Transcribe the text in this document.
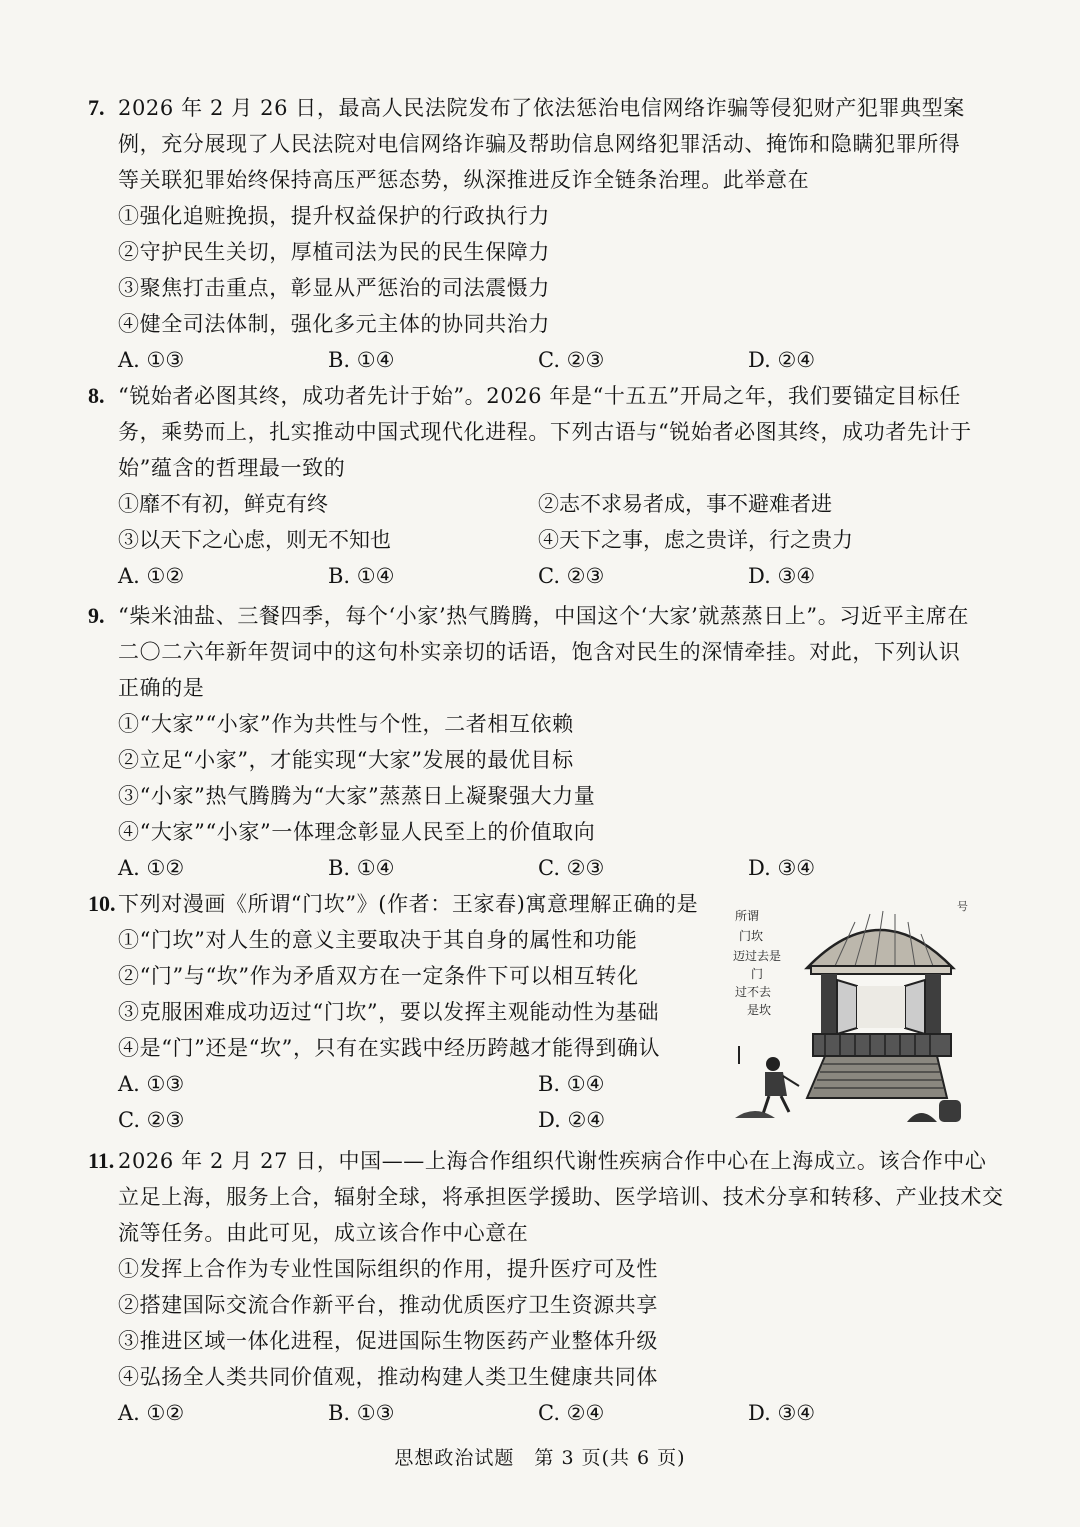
7. 2026 年 2 月 26 日，最高人民法院发布了依法惩治电信网络诈骗等侵犯财产犯罪典型案
例，充分展现了人民法院对电信网络诈骗及帮助信息网络犯罪活动、掩饰和隐瞒犯罪所得
等关联犯罪始终保持高压严惩态势，纵深推进反诈全链条治理。此举意在
①强化追赃挽损，提升权益保护的行政执行力
②守护民生关切，厚植司法为民的民生保障力
③聚焦打击重点，彰显从严惩治的司法震慑力
④健全司法体制，强化多元主体的协同共治力
A. ①③	B. ①④	C. ②③	D. ②④
8. “锐始者必图其终，成功者先计于始”。2026 年是“十五五”开局之年，我们要锚定目标任
务，乘势而上，扎实推动中国式现代化进程。下列古语与“锐始者必图其终，成功者先计于
始”蕴含的哲理最一致的
①靡不有初，鲜克有终	②志不求易者成，事不避难者进
③以天下之心虑，则无不知也	④天下之事，虑之贵详，行之贵力
A. ①②	B. ①④	C. ②③	D. ③④
9. “柴米油盐、三餐四季，每个‘小家’热气腾腾，中国这个‘大家’就蒸蒸日上”。习近平主席在
二〇二六年新年贺词中的这句朴实亲切的话语，饱含对民生的深情牵挂。对此，下列认识
正确的是
①“大家”“小家”作为共性与个性，二者相互依赖
②立足“小家”，才能实现“大家”发展的最优目标
③“小家”热气腾腾为“大家”蒸蒸日上凝聚强大力量
④“大家”“小家”一体理念彰显人民至上的价值取向
A. ①②	B. ①④	C. ②③	D. ③④
10. 下列对漫画《所谓“门坎”》(作者：王家春)寓意理解正确的是
①“门坎”对人生的意义主要取决于其自身的属性和功能
②“门”与“坎”作为矛盾双方在一定条件下可以相互转化
③克服困难成功迈过“门坎”，要以发挥主观能动性为基础
④是“门”还是“坎”，只有在实践中经历跨越才能得到确认
A. ①③	B. ①④
C. ②③	D. ②④
所谓
门坎
迈过去是
门
过不去
是坎
号
11. 2026 年 2 月 27 日，中国——上海合作组织代谢性疾病合作中心在上海成立。该合作中心
立足上海，服务上合，辐射全球，将承担医学援助、医学培训、技术分享和转移、产业技术交
流等任务。由此可见，成立该合作中心意在
①发挥上合作为专业性国际组织的作用，提升医疗可及性
②搭建国际交流合作新平台，推动优质医疗卫生资源共享
③推进区域一体化进程，促进国际生物医药产业整体升级
④弘扬全人类共同价值观，推动构建人类卫生健康共同体
A. ①②	B. ①③	C. ②④	D. ③④
思想政治试题　第 3 页(共 6 页)
